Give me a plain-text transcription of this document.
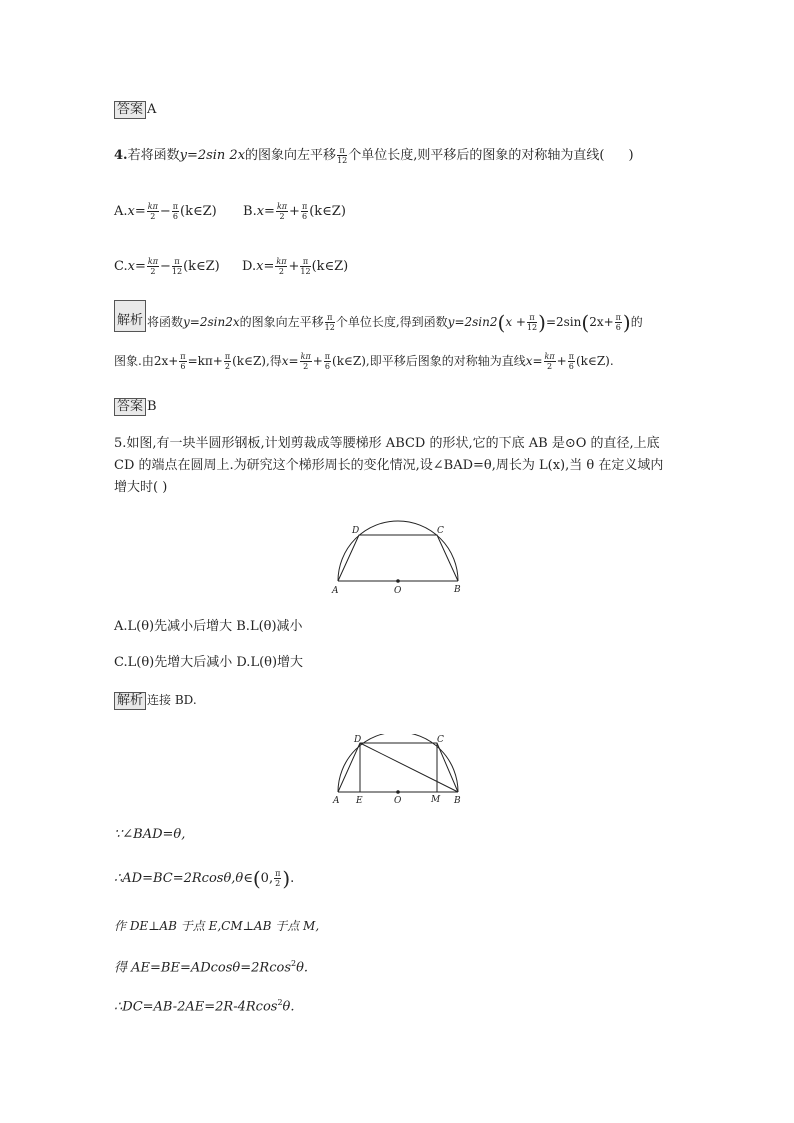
答案 A
4.若将函数y=2sin 2x的图象向左平移 $\frac{\pi}{12}$ 个单位长度,则平移后的图象的对称轴为直线( )
$A.x= \frac{k\pi}{2} - \frac{\pi}{6}$ (k∈Z) $B.x= \frac{k\pi}{2} + \frac{\pi}{6}$ (k∈Z)
$C.x= \frac{k\pi}{2} - \frac{\pi}{12}$ (k∈Z) $D.x= \frac{k\pi}{2} + \frac{\pi}{12}$ (k∈Z)
解析 将函数y=2sin2x的图象向左平移 $\frac{\pi}{12}$ 个单位长度,得到函数$y=2\sin 2(x + \frac{\pi}{12} )=2\sin(2x+ \frac{\pi}{6}$ )的
图象.由$2x+ \frac{\pi}{6} =k\pi+ \frac{\pi}{2}$ (k∈Z),得$x= \frac{k\pi}{2} + \frac{\pi}{6}$ (k∈Z),即平移后图象的对称轴为直线$x= \frac{k\pi}{2} + \frac{\pi}{6}$ (k∈Z).
答案 B
5.如图,有一块半圆形钢板,计划剪裁成等腰梯形 ABCD 的形状,它的下底 AB 是⊙O 的直径,上底
CD 的端点在圆周上.为研究这个梯形周长的变化情况,设∠BAD=θ,周长为 L(x),当 θ 在定义域内
增大时( )
A	O	B
D	C
A.L(θ)先减小后增大 B.L(θ)减小
C.L(θ)先增大后减小 D.L(θ)增大
解析 连接 BD.
A E	O	M B
D	C
∵∠BAD=θ,
∴AD=BC=2Rcosθ,θ∈(0, $\frac{\pi}{2}$ ).
作 DE⊥AB 于点 E,CM⊥AB 于点 M,
得 AE=BE=ADcosθ=2Rcos$^2$θ.
∴DC=AB-2AE=2R-4Rcos$^2$θ.
